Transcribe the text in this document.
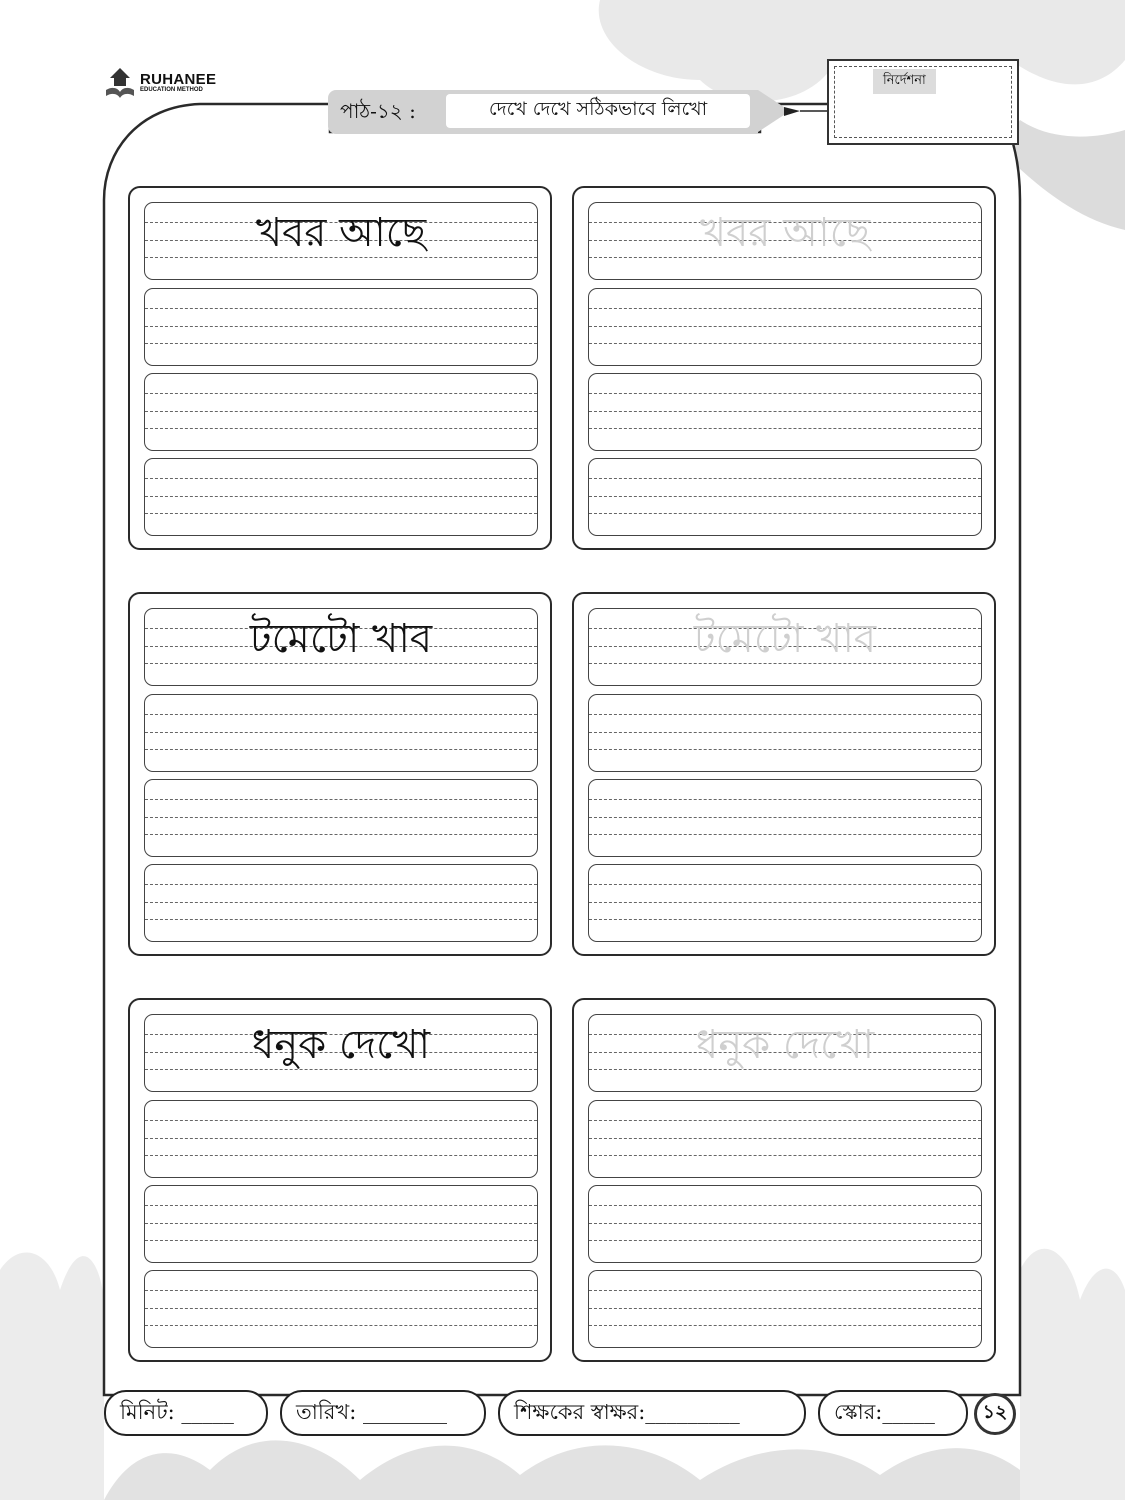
RUHANEE
EDUCATION METHOD
পাঠ-১২ :	দেখে দেখে সঠিকভাবে লিখো
নির্দেশনা
খবর আছে	খবর আছে
টমেটো খাব	টমেটো খাব
ধনুক দেখো	ধনুক দেখো
মিনিট: _____	তারিখ: ________	শিক্ষকের স্বাক্ষর:_________	স্কোর:_____	১২
